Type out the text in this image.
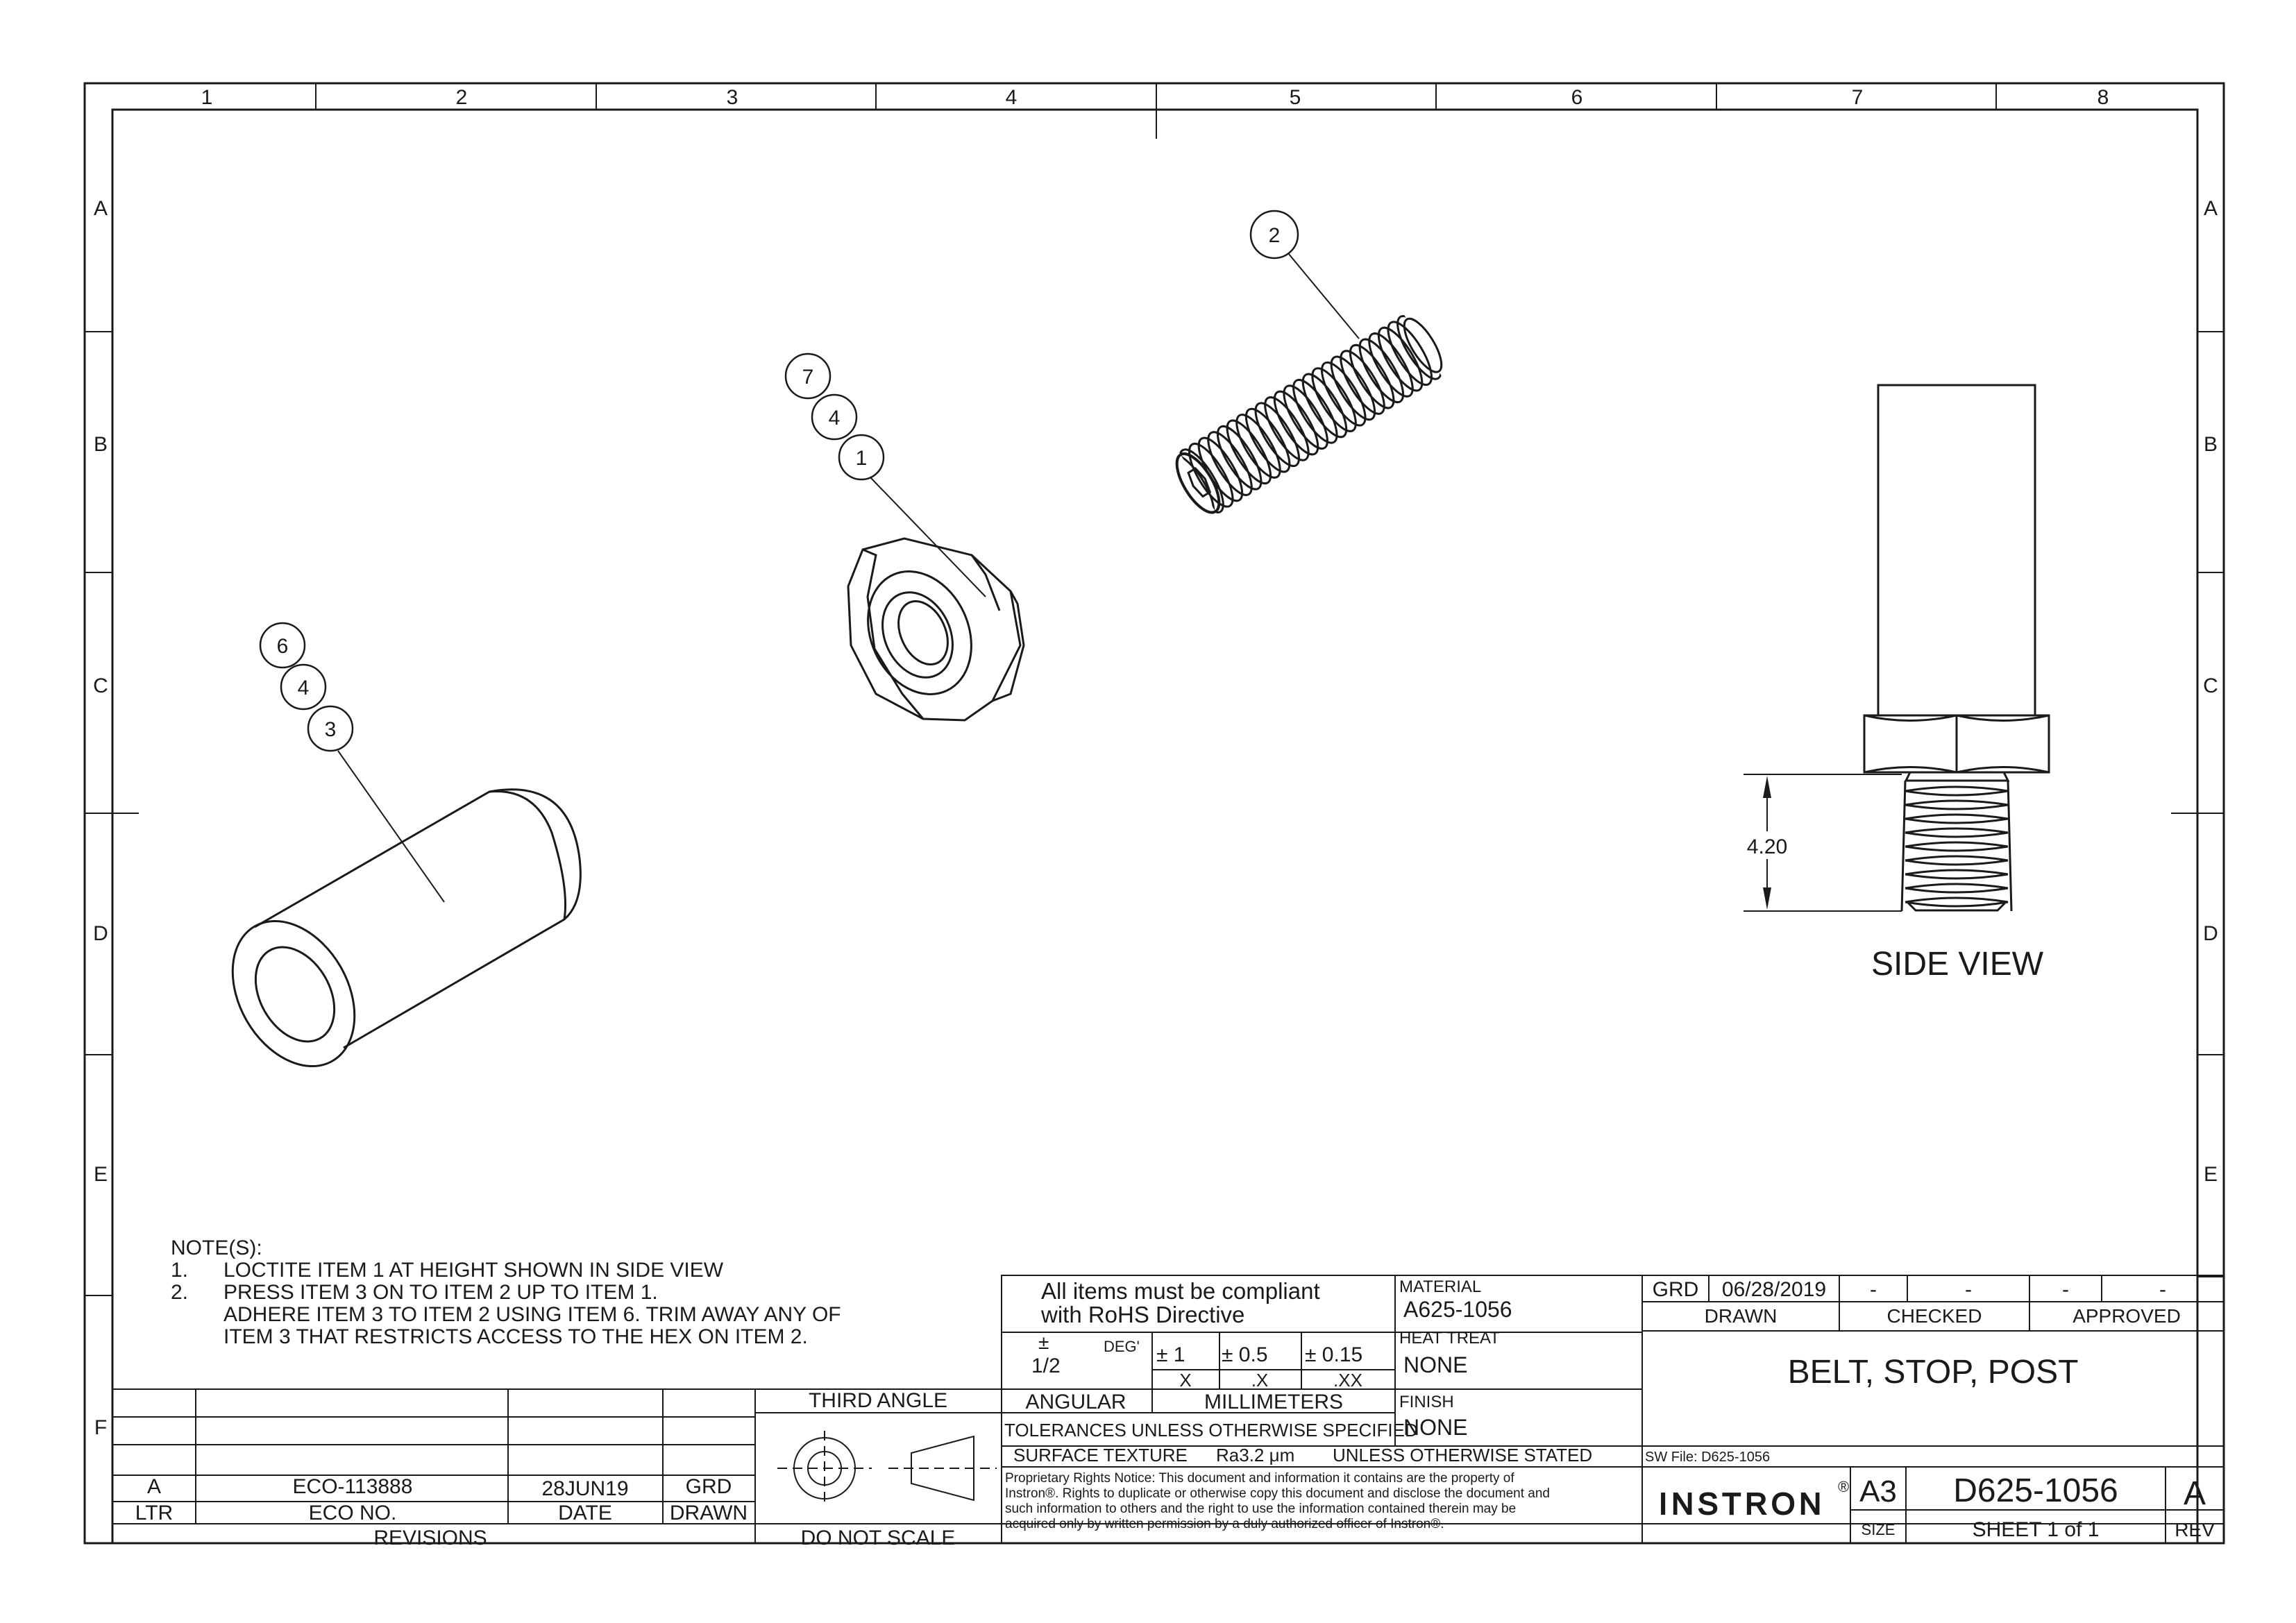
1	2	3	4	5	6	7	8
A
B
C
D
E
F
A
B
C
D
E
2
7
4
1
6
4
3
4.20
SIDE VIEW
NOTE(S):
1. LOCTITE ITEM 1 AT HEIGHT SHOWN IN SIDE VIEW
2. PRESS ITEM 3 ON TO ITEM 2 UP TO ITEM 1.
ADHERE ITEM 3 TO ITEM 2 USING ITEM 6. TRIM AWAY ANY OF
ITEM 3 THAT RESTRICTS ACCESS TO THE HEX ON ITEM 2.
A	ECO-113888	28JUN19	GRD
LTR	ECO NO.	DATE	DRAWN
REVISIONS
THIRD ANGLE
DO NOT SCALE
All items must be compliant
with RoHS Directive
±
1/2
DEG' ± 1 ± 0.5 ± 0.15
X	.X	.XX
ANGULAR	MILLIMETERS
TOLERANCES UNLESS OTHERWISE SPECIFIED
SURFACE TEXTURE Ra3.2 μm UNLESS OTHERWISE STATED
MATERIAL
A625-1056
HEAT TREAT
NONE
FINISH
NONE
Proprietary Rights Notice: This document and information it contains are the property of
Instron®. Rights to duplicate or otherwise copy this document and disclose the document and
such information to others and the right to use the information contained therein may be
acquired only by written permission by a duly authorized officer of Instron®.
GRD 06/28/2019 -	-	-	-
DRAWN	CHECKED	APPROVED
BELT, STOP, POST
SW File: D625-1056
INSTRON
® A3
SIZE
D625-1056
SHEET 1 of 1
A
REV
